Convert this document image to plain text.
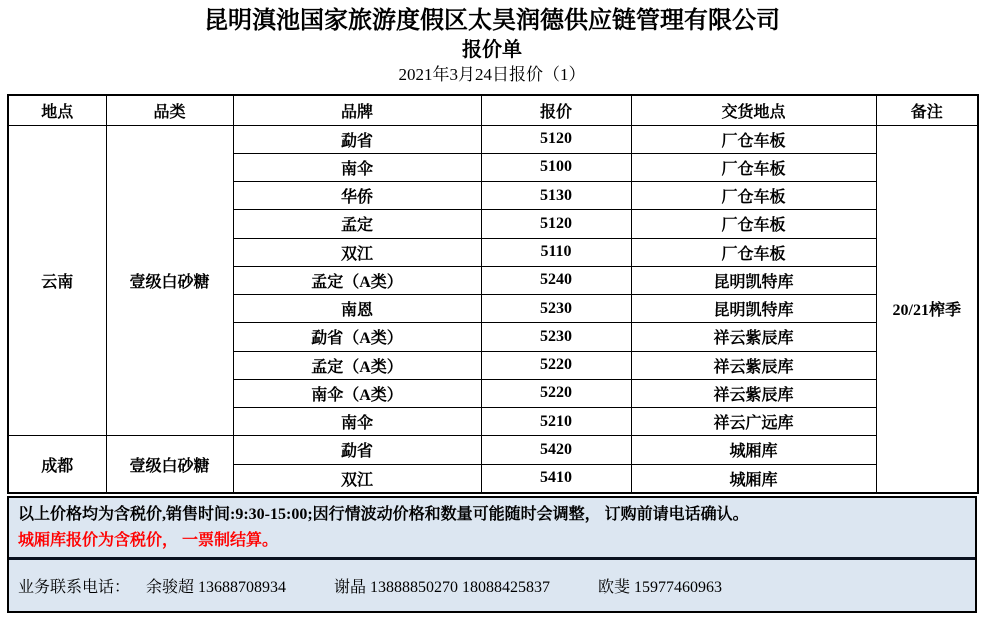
昆明滇池国家旅游度假区太昊润德供应链管理有限公司
报价单
2021年3月24日报价（1）
地点	品类	品牌	报价	交货地点	备注
云南	壹级白砂糖	勐省	5120	厂仓车板	20/21榨季
		南伞	5100	厂仓车板	
		华侨	5130	厂仓车板	
		孟定	5120	厂仓车板	
		双江	5110	厂仓车板	
		孟定（A类）	5240	昆明凯特库	
		南恩	5230	昆明凯特库	
		勐省（A类）	5230	祥云紫辰库	
		孟定（A类）	5220	祥云紫辰库	
		南伞（A类）	5220	祥云紫辰库	
		南伞	5210	祥云广远库	
成都	壹级白砂糖	勐省	5420	城厢库	
		双江	5410	城厢库	
以上价格均为含税价,销售时间:9:30-15:00;因行情波动价格和数量可能随时会调整， 订购前请电话确认。
城厢库报价为含税价， 一票制结算。
业务联系电话： 余骏超 13688708934	谢晶 13888850270 18088425837	欧斐 15977460963
